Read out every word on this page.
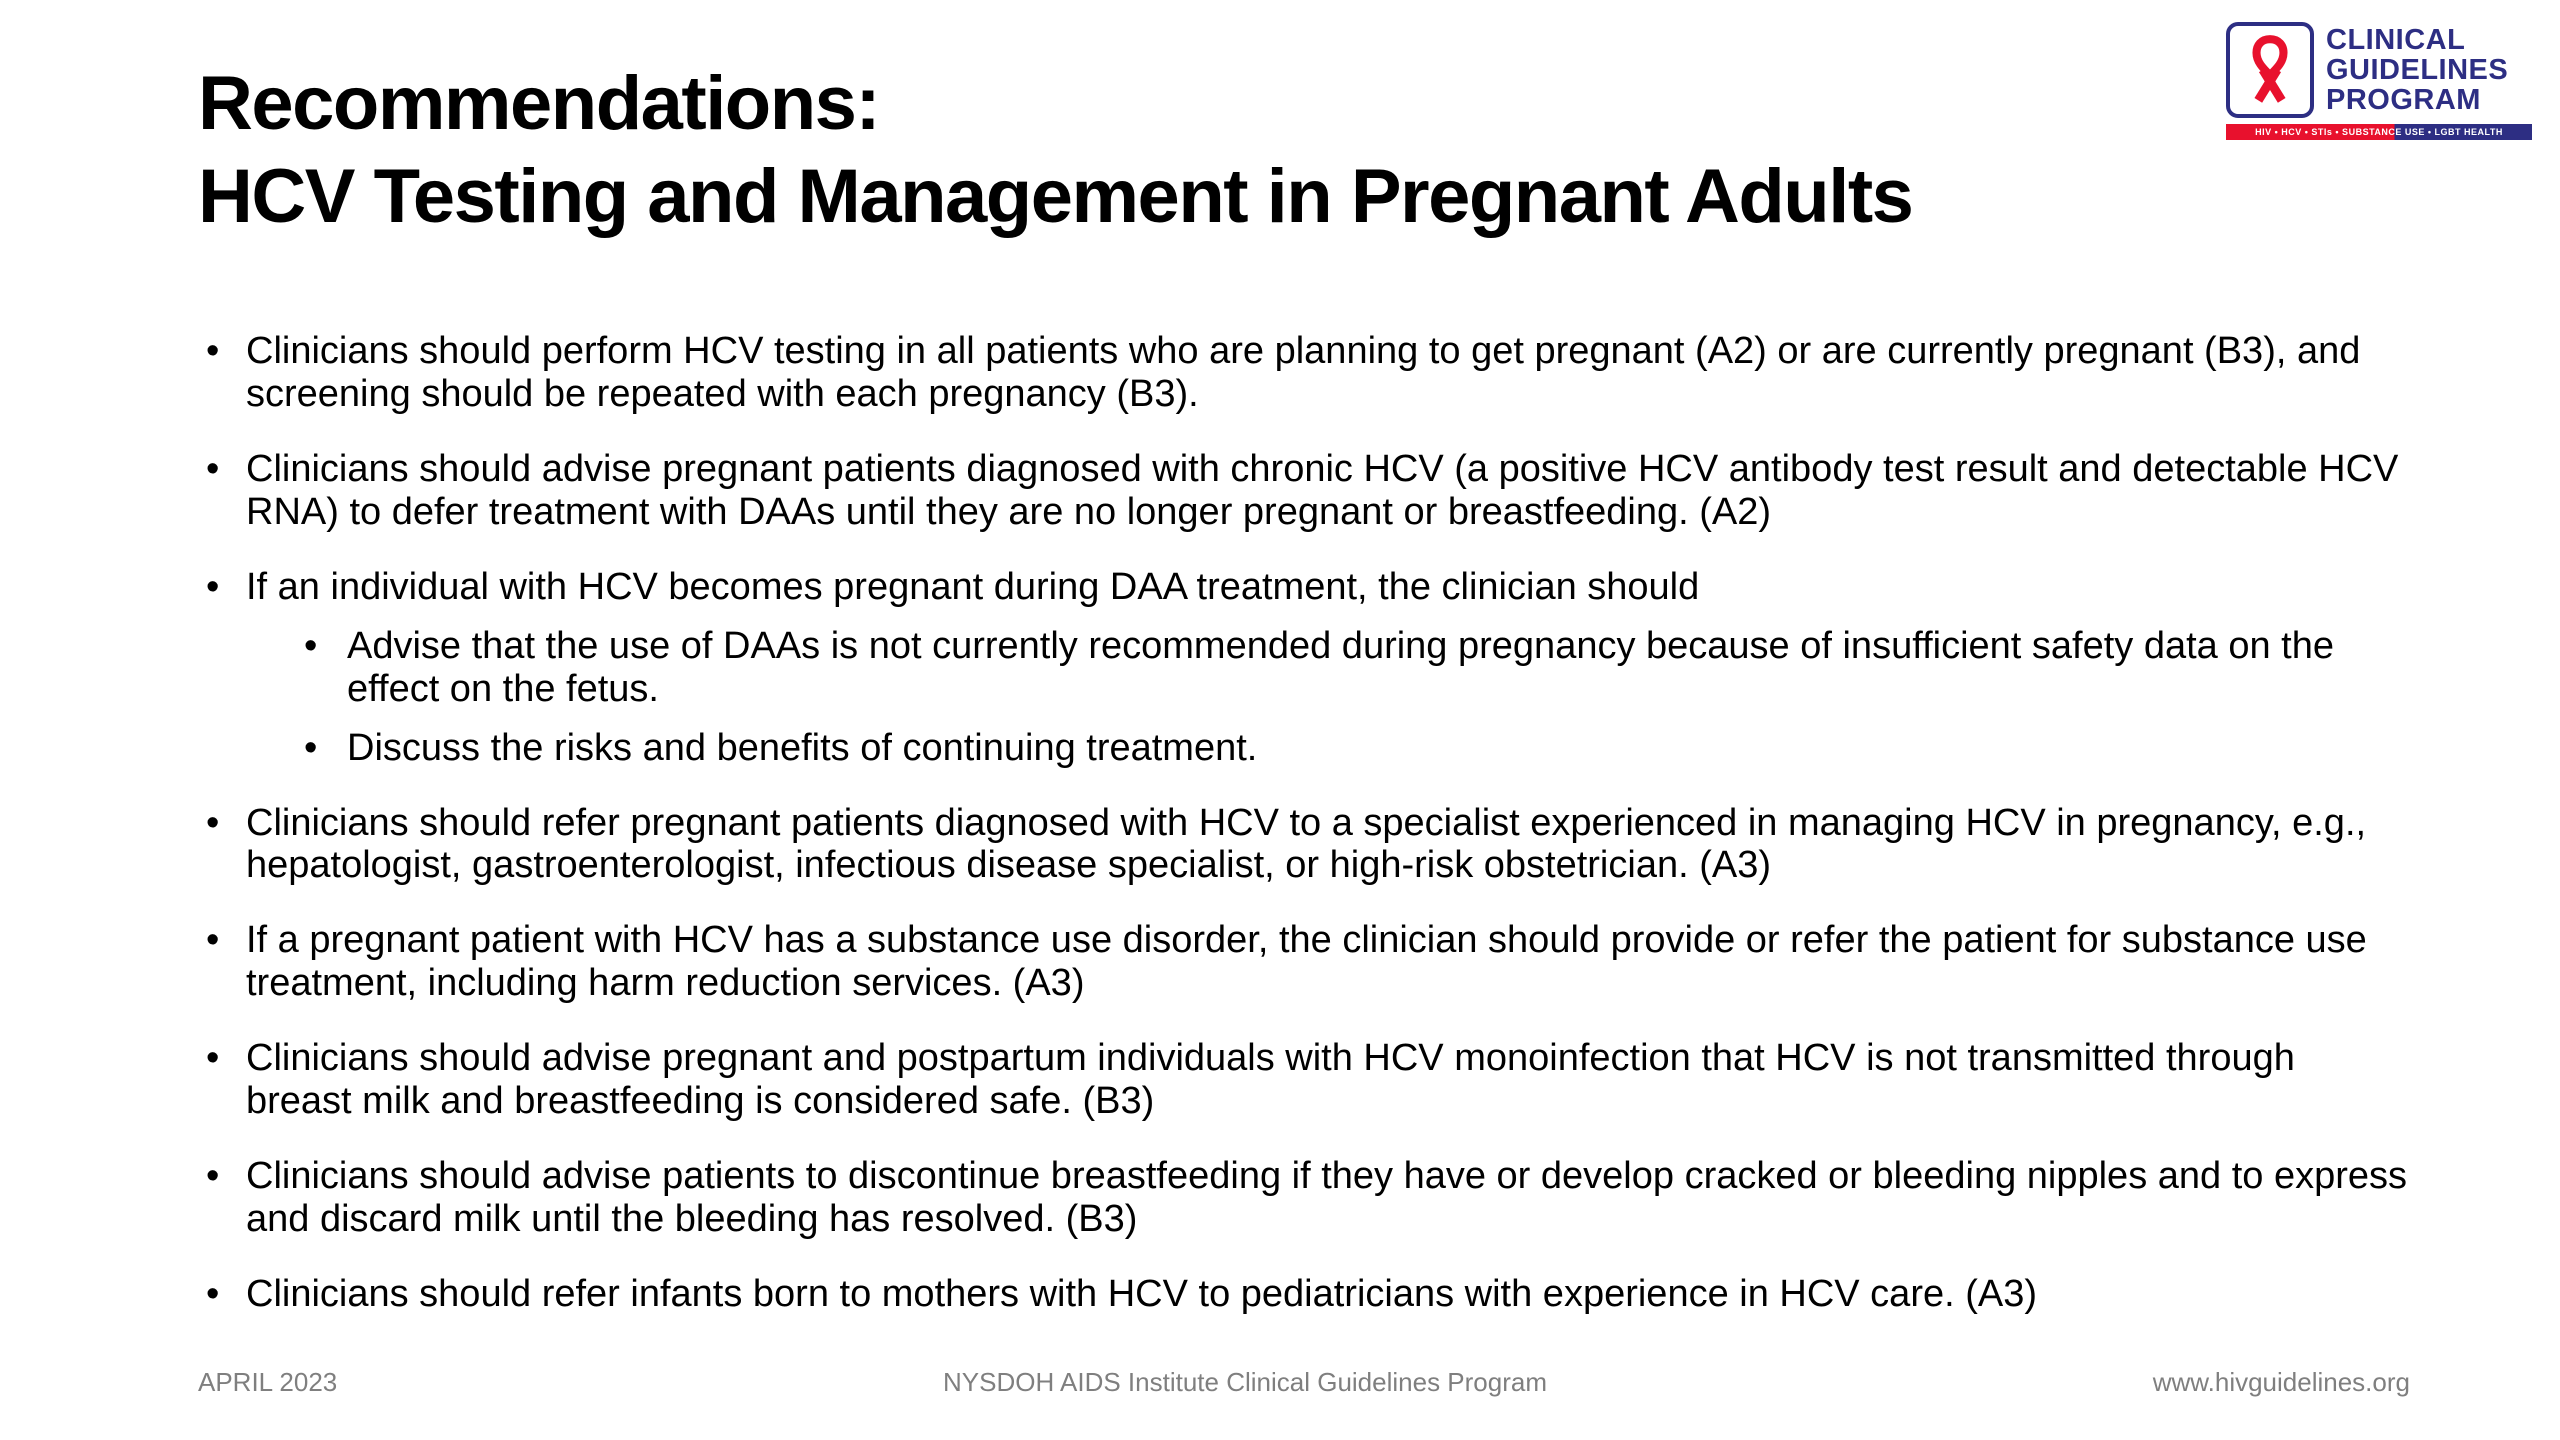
Recommendations:
HCV Testing and Management in Pregnant Adults
CLINICAL
GUIDELINES
PROGRAM
HIV • HCV • STIs • SUBSTANCE USE • LGBT HEALTH
•
Clinicians should perform HCV testing in all patients who are planning to get pregnant (A2) or are currently pregnant (B3), and screening should be repeated with each pregnancy (B3).
•
Clinicians should advise pregnant patients diagnosed with chronic HCV (a positive HCV antibody test result and detectable HCV RNA) to defer treatment with DAAs until they are no longer pregnant or breastfeeding. (A2)
•
If an individual with HCV becomes pregnant during DAA treatment, the clinician should
•
Advise that the use of DAAs is not currently recommended during pregnancy because of insufficient safety data on the effect on the fetus.
•
Discuss the risks and benefits of continuing treatment.
•
Clinicians should refer pregnant patients diagnosed with HCV to a specialist experienced in managing HCV in pregnancy, e.g., hepatologist, gastroenterologist, infectious disease specialist, or high-risk obstetrician. (A3)
•
If a pregnant patient with HCV has a substance use disorder, the clinician should provide or refer the patient for substance use treatment, including harm reduction services. (A3)
•
Clinicians should advise pregnant and postpartum individuals with HCV monoinfection that HCV is not transmitted through breast milk and breastfeeding is considered safe. (B3)
•
Clinicians should advise patients to discontinue breastfeeding if they have or develop cracked or bleeding nipples and to express and discard milk until the bleeding has resolved. (B3)
•
Clinicians should refer infants born to mothers with HCV to pediatricians with experience in HCV care. (A3)
APRIL 2023	NYSDOH AIDS Institute Clinical Guidelines Program	www.hivguidelines.org
